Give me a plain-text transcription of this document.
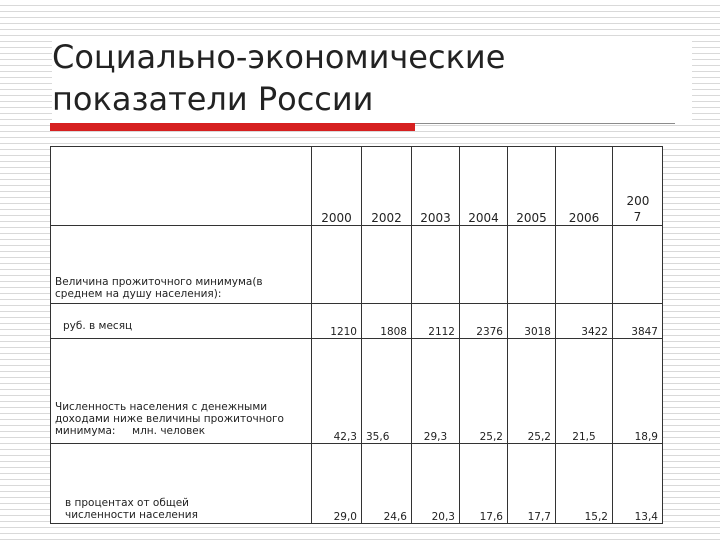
Социально-экономические
показатели России
	2000	2002	2003	2004	2005	2006	200
7
Величина прожиточного минимума(в среднем на душу населения):							
руб. в месяц	1210	1808	2112	2376	3018	3422	3847
Численность населения с денежными доходами ниже величины прожиточного минимума:     млн. человек	42,3	35,6	29,3	25,2	25,2	21,5	18,9
в процентах от общей численности населения	29,0	24,6	20,3	17,6	17,7	15,2	13,4
